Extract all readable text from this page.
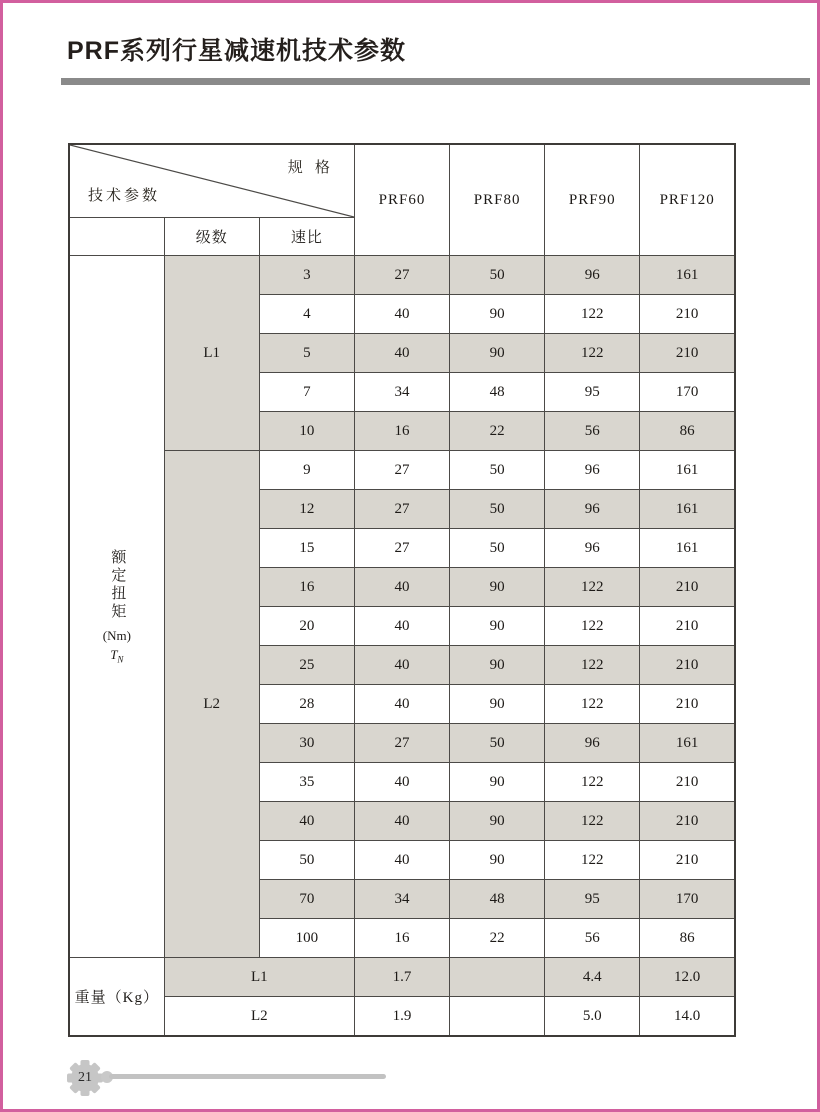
PRF系列行星减速机技术参数
规 格
技术参数			PRF60	PRF80	PRF90	PRF120
	级数	速比				

额定扭矩
(Nm)
$T_N$	L1	3	27	50	96	161
		4	40	90	122	210
		5	40	90	122	210
		7	34	48	95	170
		10	16	22	56	86
	L2	9	27	50	96	161
		12	27	50	96	161
		15	27	50	96	161
		16	40	90	122	210
		20	40	90	122	210
		25	40	90	122	210
		28	40	90	122	210
		30	27	50	96	161
		35	40	90	122	210
		40	40	90	122	210
		50	40	90	122	210
		70	34	48	95	170
		100	16	22	56	86
重量（Kg）	L1		1.7		4.4	12.0
	L2		1.9		5.0	14.0
21
